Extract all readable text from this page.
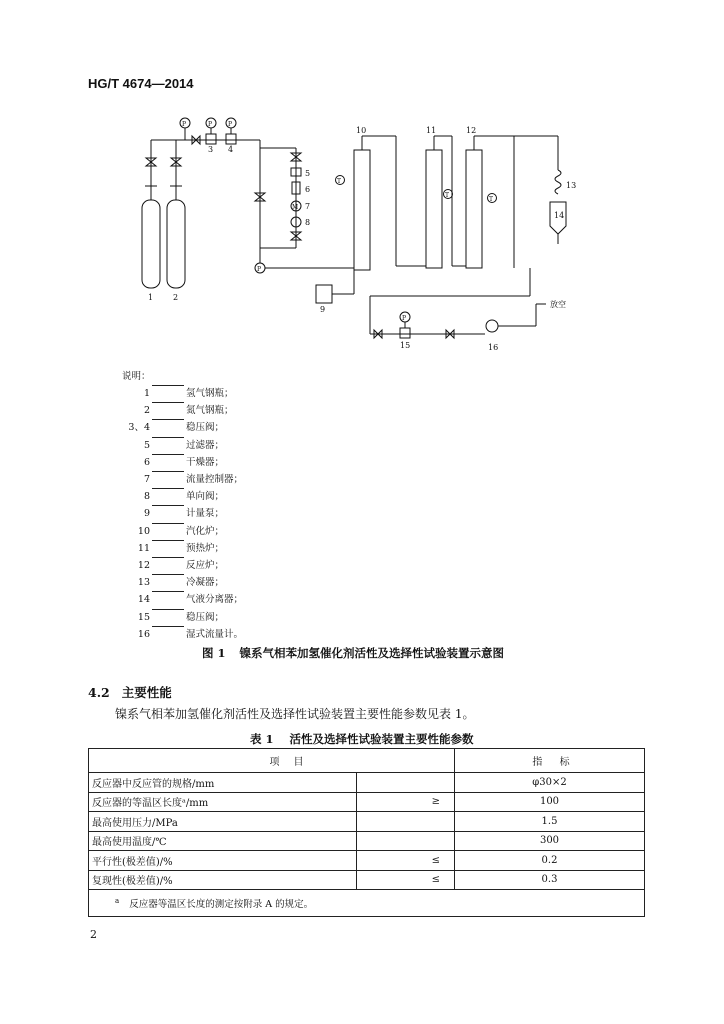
HG/T 4674—2014
1 2
3 4
5
6
7
8
9
10	11	12
13
14
15	16
放空
P	P	P
P
P
T
T
T
M
说明：
1	氢气钢瓶；
2	氮气钢瓶；
3、4	稳压阀；
5	过滤器；
6	干燥器；
7	流量控制器；
8	单向阀；
9	计量泵；
10	汽化炉；
11	预热炉；
12	反应炉；
13	冷凝器；
14	气液分离器；
15	稳压阀；
16	湿式流量计。
图 1 镍系气相苯加氢催化剂活性及选择性试验装置示意图
4.2 主要性能
镍系气相苯加氢催化剂活性及选择性试验装置主要性能参数见表 1。
表 1 活性及选择性试验装置主要性能参数
项目		指 标
反应器中反应管的规格/mm		φ30×2
反应器的等温区长度ᵃ/mm	≥	100
最高使用压力/MPa		1.5
最高使用温度/℃		300
平行性(极差值)/%	≤	0.2
复现性(极差值)/%	≤	0.3
$^a$ 反应器等温区长度的测定按附录 A 的规定。		
2
